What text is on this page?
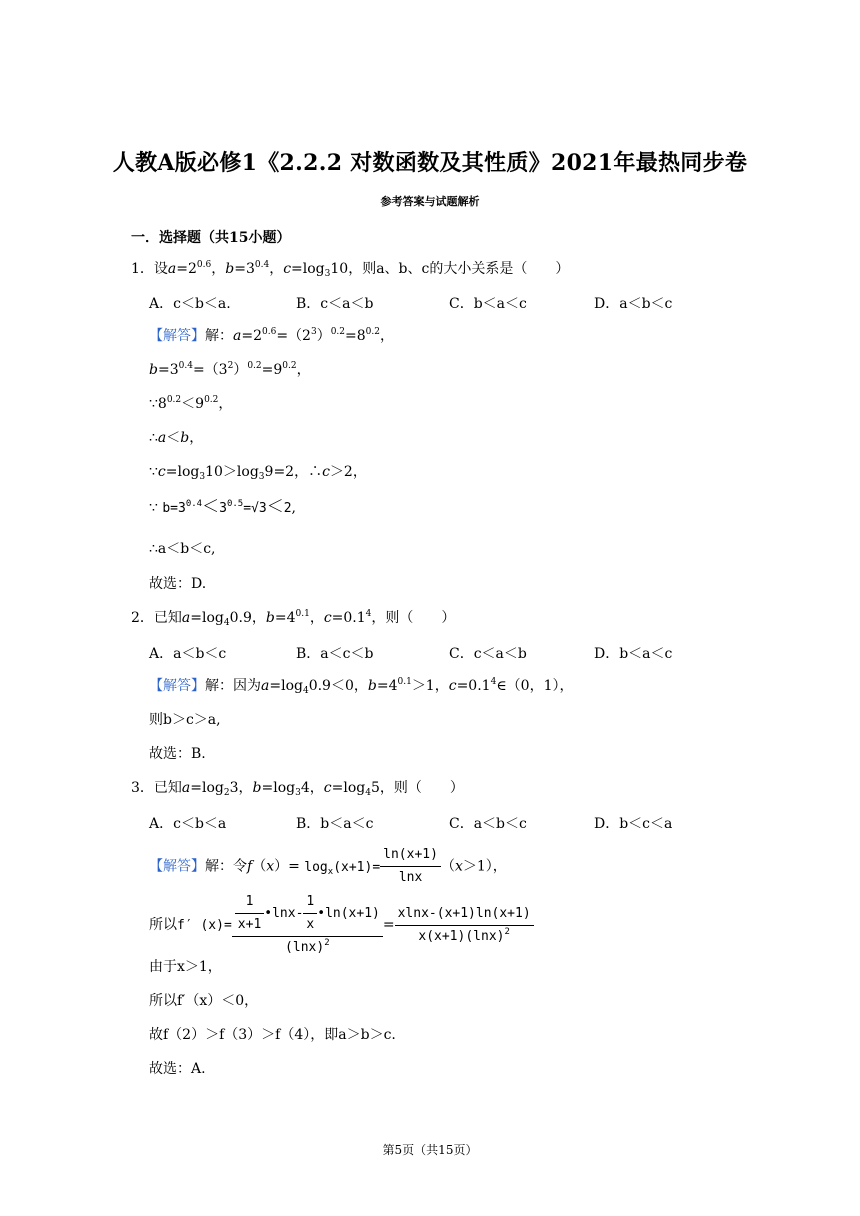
人教A版必修1《2.2.2 对数函数及其性质》2021年最热同步卷
参考答案与试题解析
一．选择题（共15小题）
1．设$a=2^{0.6}$，$b=3^{0.4}$，$c=\log_310$，则a、b、c的大小关系是（　　）
A．c＜b＜a.	B．c＜a＜b	C．b＜a＜c	D．a＜b＜c
【解答】解：$a=2^{0.6}=(2^3)^{0.2}=8^{0.2}$，
$b=3^{0.4}=(3^2)^{0.2}=9^{0.2}$，
$\because 8^{0.2}<9^{0.2}$，
∴a＜b，
$\because c=\log_310>\log_39=2$，∴c＞2，
∵ $b=3^{0.4}<3^{0.5}=√3<2$,
∴a＜b＜c,
故选：D.
2．已知$a=\log_40.9$，$b=4^{0.1}$，$c=0.1^4$，则（　　）
A．a＜b＜c	B．a＜c＜b	C．c＜a＜b	D．b＜a＜c
【解答】解：因为$a=\log_40.9<0$，$b=4^{0.1}>1$，$c=0.1^4\in(0$，1），
则b＞c＞a,
故选：B.
3．已知$a=\log_23$，$b=\log_34$，$c=\log_45$，则（　　）
A．c＜b＜a	B．b＜a＜c	C．a＜b＜c	D．b＜c＜a
【解答】解：令$f(x)= \log_x(x+1)= \frac{\ln(x+1)}{\ln x} (x>1)$，
所以f′ $(x)= \frac{\frac{1}{x+1} •\ln x- \frac{1}{x} •\ln(x+1)}{(\ln x)^2} = \frac{xlnx-(x+1)\ln(x+1)}{x(x+1)(\ln x)^2}$
由于x＞1，
所以f′（x）＜0，
故f（2）＞f（3）＞f（4），即a＞b＞c.
故选：A.
第5页（共15页）
